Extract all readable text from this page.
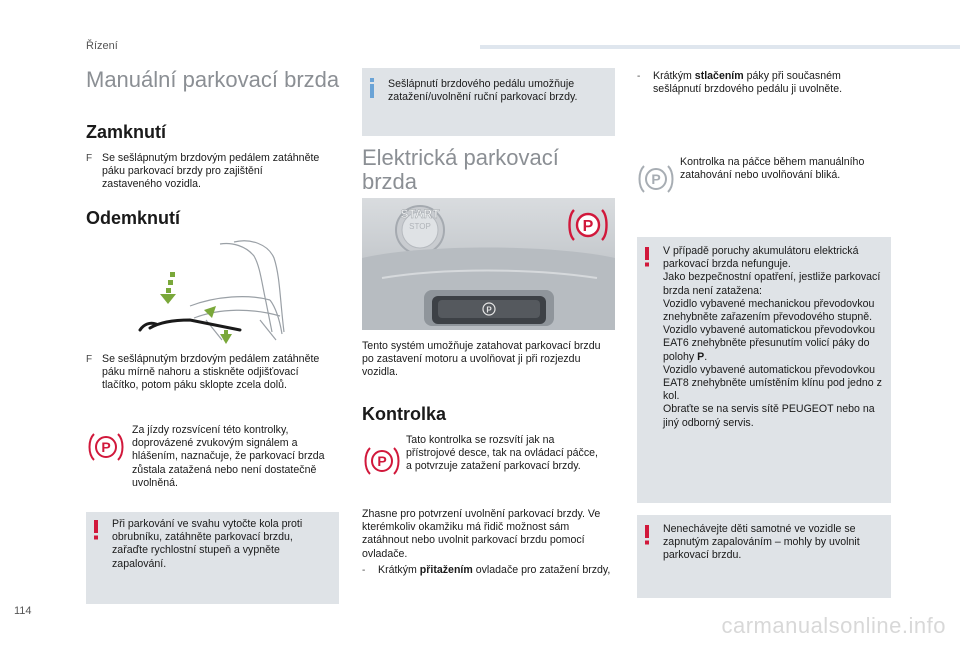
Řízení
Manuální parkovací brzda
Zamknutí
F Se sešlápnutým brzdovým pedálem zatáhněte páku parkovací brzdy pro zajištění zastaveného vozidla.
Odemknutí
F Se sešlápnutým brzdovým pedálem zatáhněte páku mírně nahoru a stiskněte odjišťovací tlačítko, potom páku sklopte zcela dolů.
P
Za jízdy rozsvícení této kontrolky, doprovázené zvukovým signálem a hlášením, naznačuje, že parkovací brzda zůstala zatažená nebo není dostatečně uvolněná.
Při parkování ve svahu vytočte kola proti obrubníku, zatáhněte parkovací brzdu, zařaďte rychlostní stupeň a vypněte zapalování.
Sešlápnutí brzdového pedálu umožňuje zatažení/uvolnění ruční parkovací brzdy.
Elektrická parkovací brzda
START
STOP
P
P
Tento systém umožňuje zatahovat parkovací brzdu po zastavení motoru a uvolňovat ji při rozjezdu vozidla.
Kontrolka
P
Tato kontrolka se rozsvítí jak na přístrojové desce, tak na ovládací páčce, a potvrzuje zatažení parkovací brzdy.
Zhasne pro potvrzení uvolnění parkovací brzdy. Ve kterémkoliv okamžiku má řidič možnost sám zatáhnout nebo uvolnit parkovací brzdu pomocí ovladače.
-	Krátkým přitažením ovladače pro zatažení brzdy,
-	Krátkým stlačením páky při současném sešlápnutí brzdového pedálu ji uvolněte.
P
Kontrolka na páčce během manuálního zatahování nebo uvolňování bliká.
V případě poruchy akumulátoru elektrická parkovací brzda nefunguje.
Jako bezpečnostní opatření, jestliže parkovací brzda není zatažena:
Vozidlo vybavené mechanickou převodovkou znehybněte zařazením převodového stupně.
Vozidlo vybavené automatickou převodovkou EAT6 znehybněte přesunutím volicí páky do polohy P.
Vozidlo vybavené automatickou převodovkou EAT8 znehybněte umístěním klínu pod jedno z kol.
Obraťte se na servis sítě PEUGEOT nebo na jiný odborný servis.
Nenechávejte děti samotné ve vozidle se zapnutým zapalováním – mohly by uvolnit parkovací brzdu.
114
carmanualsonline.info
